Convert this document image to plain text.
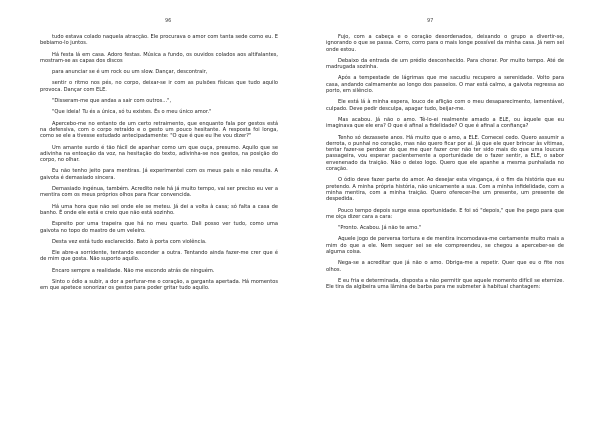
96

tudo estava colado naquela atracção. Ele procurava o amor com tanta sede como eu. E bebiamo-lo juntos.

Há festa lá em casa. Adoro festas. Música a fundo, os ouvidos colados aos altifalantes, mostram-se as capas dos discos

para anunciar se é um rock ou um slow. Dançar, descontrair,

sentir o ritmo nos pés, no corpo, deixar-se ir com as pulsões físicas que tudo aquilo provoca. Dançar com ELE.

"Disseram-me que andas a sair com outros...",

"Que ideia! Tu és a única, só tu existes. És o meu único amor."

Apercebo-me no entanto de um certo retraimento, que enquanto fala por gestos está na defensiva, com o corpo retraído e o gesto um pouco hesitante. A resposta foi longa, como se ele a tivesse estudado antecipadamente: "O que é que eu lhe vou dizer?"

Um amante surdo é tão fácil de apanhar como um que ouça, presumo. Aquilo que se adivinha na entoação da voz, na hesitação do texto, adivinha-se nos gestos, na posição do corpo, no olhar.

Eu não tenho jeito para mentiras. Já experimentei com os meus pais e não resulta. A gaivota é demasiado sincera.

Demasiado ingénua, também. Acredito nele há já muito tempo, vai ser preciso eu ver a mentira com os meus próprios olhos para ficar convencida.

Há uma hora que não sei onde ele se meteu. Já dei a volta à casa; só falta a casa de banho. É onde ele está e creio que não está sozinho.

Espreito por uma trapeira que há no meu quarto. Dali posso ver tudo, como uma gaivota no topo do mastro de um veleiro.

Desta vez está tudo esclarecido. Bato à porta com violência.

Ele abre-a sorridente, tentando esconder a outra. Tentando ainda fazer-me crer que é de mim que gosta. Não suporto aquilo.

Encaro sempre a realidade. Não me escondo atrás de ninguém.

Sinto o ódio a subir, a dor a perfurar-me o coração, a garganta apertada. Há momentos em que apetece sonorizar os gestos para poder gritar tudo aquilo.

97

Fujo, com a cabeça e o coração desordenados, deixando o grupo a divertir-se, ignorando o que se passa. Corro, corro para o mais longe possível da minha casa. Já nem sei onde estou.

Debaixo da entrada de um prédio desconhecido. Para chorar. Por muito tempo. Até de madrugada sozinha.

Após a tempestade de lágrimas que me sacudiu recupero a serenidade. Volto para casa, andando calmamente ao longo dos passeios. O mar está calmo, a gaivota regressa ao porto, em silêncio.

Ele está lá à minha espera, louco de aflição com o meu desaparecimento, lamentável, culpado. Deve pedir desculpa, apagar tudo, beijar-me.

Mas acabou. Já não o amo. Tê-lo-ei realmente amado a ELE, ou àquele que eu imaginava que ele era? O que é afinal a fidelidade? O que é afinal a confiança?

Tenho só dezassete anos. Há muito que o amo, a ELE. Comecei cedo. Quero assumir a derrota, o punhal no coração, mas não quero ficar por aí. Já que ele quer brincar às vítimas, tentar fazer-se perdoar do que me quer fazer crer não ter sido mais do que uma loucura passageira, vou esperar pacientemente a oportunidade de o fazer sentir, a ELE, o sabor envenenado da traição. Não o deixo logo. Quero que ele apanhe a mesma punhalada no coração.

O ódio deve fazer parte do amor. Ao desejar esta vingança, é o fim da história que eu pretendo. A minha própria história, não unicamente a sua. Com a minha infidelidade, com a minha mentira, com a minha traição. Quero oferecer-lhe um presente, um presente de despedida.

Pouco tempo depois surge essa oportunidade. E foi só "depois," que lhe pego para que me oiça dizer cara a cara:

"Pronto. Acabou. Já não te amo."

Aquele jogo de perversa tortura e de mentira incomodava-me certamente muito mais a mim do que a ele. Nem sequer sei se ele compreendeu, se chegou a aperceber-se de alguma coisa.

Nega-se a acreditar que já não o amo. Obriga-me a repetir. Quer que eu o fite nos olhos.

E eu fria e determinada, disposta a não permitir que aquele momento difícil se eternize. Ele tira da algibeira uma lâmina de barba para me submeter à habitual chantagem:
